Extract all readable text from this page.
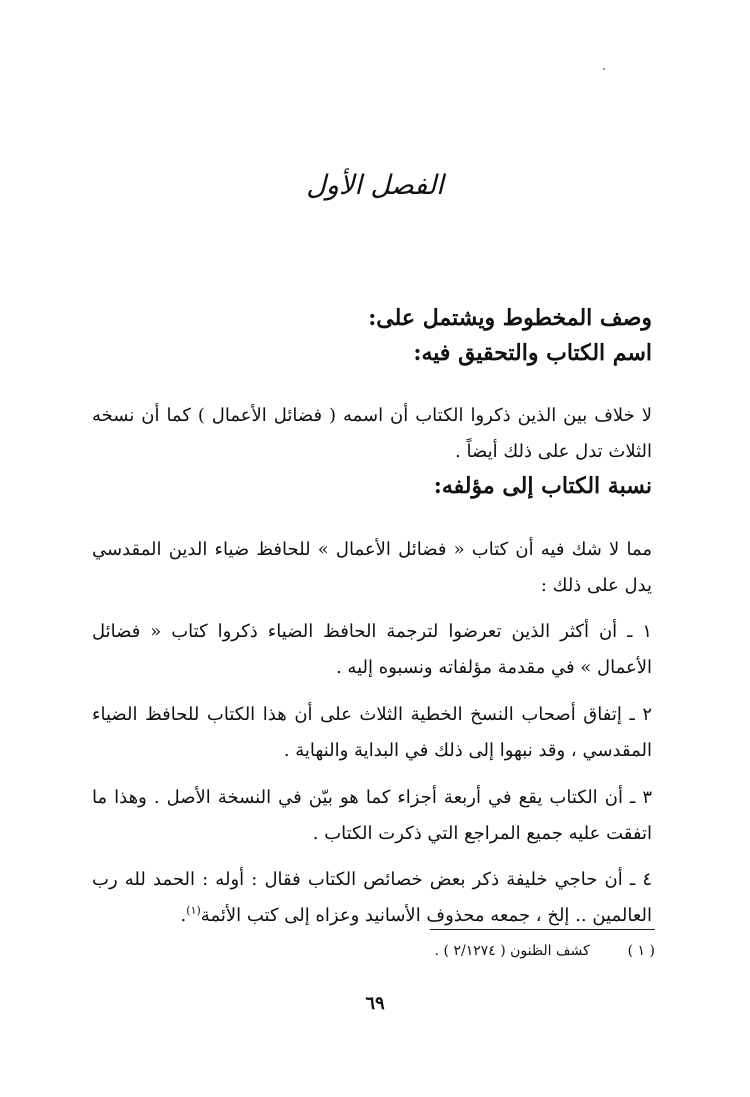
الفصل الأول
وصف المخطوط ويشتمل على:
اسم الكتاب والتحقيق فيه:

لا خلاف بين الذين ذكروا الكتاب أن اسمه ( فضائل الأعمال ) كما أن نسخه الثلاث تدل على ذلك أيضاً .

نسبة الكتاب إلى مؤلفه:

مما لا شك فيه أن كتاب « فضائل الأعمال » للحافظ ضياء الدين المقدسي يدل على ذلك :

١ ـ أن أكثر الذين تعرضوا لترجمة الحافظ الضياء ذكروا كتاب « فضائل الأعمال » في مقدمة مؤلفاته ونسبوه إليه .

٢ ـ إتفاق أصحاب النسخ الخطية الثلاث على أن هذا الكتاب للحافظ الضياء المقدسي ، وقد نبهوا إلى ذلك في البداية والنهاية .

٣ ـ أن الكتاب يقع في أربعة أجزاء كما هو بيّن في النسخة الأصل . وهذا ما اتفقت عليه جميع المراجع التي ذكرت الكتاب .

٤ ـ أن حاجي خليفة ذكر بعض خصائص الكتاب فقال : أوله : الحمد لله رب العالمين .. إلخ ، جمعه محذوف الأسانيد وعزاه إلى كتب الأئمة$^{(١)}$.

( ١ )كشف الظنون ( ٢/١٢٧٤ ) .
٦٩
